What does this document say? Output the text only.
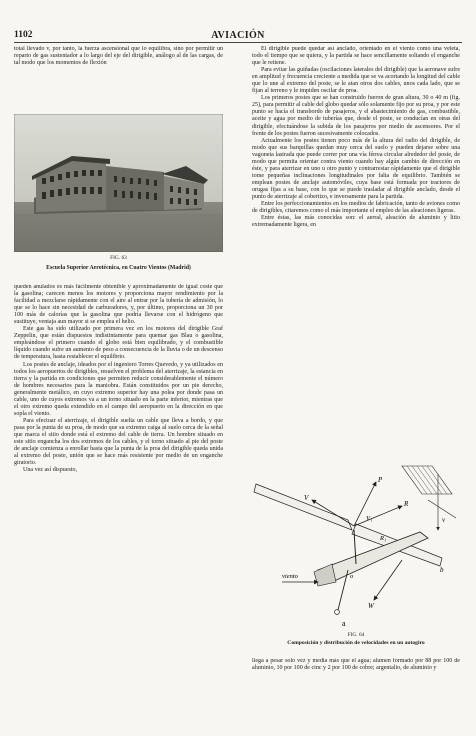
1102	AVIACIÓN

total llevado v, por tanto, la fuerza ascensional que lo equilibra, sino por permitir un reparto de gas sustentador a lo largo del eje del dirigible, análogo al de las cargas, de tal modo que los momentos de flexión

FIG. 63
Escuela Superior Aerotécnica, en Cuatro Vientos (Madrid)

queden anulados es más fácilmente obtenible y aproximadamente de igual coste que la gasolina; carecen menos los motores y proporciona mayor rendimiento por la facilidad a mezclarse rápidamente con el aire al entrar por la tubería de admisión, lo que se lo hace sin necesidad de carburadores, y, por último, proporciona un 30 por 100 más de calorías que la gasolina que podría llevarse con el hidrógeno que sustituye, ventaja aun mayor si se emplea el helio.

Este gas ha sido utilizado por primera vez en los motores del dirigible Graf Zeppelin, que están dispuestos indistintamente para quemar gas Blau o gasolina, empleándose el primero cuando el globo está bien equilibrado, y el combustible líquido cuando sufre un aumento de peso a consecuencia de la lluvia o de un descenso de temperatura, hasta restablecer el equilibrio.

Los postes de anclaje, ideados por el ingeniero Torres Quevedo, y ya utilizados en todos los aeropuertos de dirigibles, resuelven el problema del aterrizaje, la estancia en tierra y la partida en condiciones que permiten reducir considerablemente el número de hombres necesarios para la maniobra. Están constituidos por un pie derecho, generalmente metálico, en cuyo extremo superior hay una polea por donde pasa un cable, uno de cuyos extremos va a un torno situado en la parte inferior, mientras que el otro extremo queda extendido en el campo del aeropuerto en la dirección en que sopla el viento.

Para efectuar el aterrizaje, el dirigible suelta un cable que lleva a bordo, y que pasa por la punta de su proa, de modo que su extremo caiga al suelo cerca de la señal que marca el sitio donde está el extremo del cable de tierra. Un hombre situado en este sitio engancha los dos extremos de los cables, y el torno situado al pie del poste de anclaje comienza a enrollar hasta que la punta de la proa del dirigible queda unida al extremo del poste, unión que se hace más resistente por medio de un enganche giratorio.

Una vez así dispuesto,

El dirigible puede quedar así anclado, orientado en el viento como una veleta, todo el tiempo que se quiera, y la partida se hace sencillamente soltando el enganche que le retiene.

Para evitar las guiñadas (oscilaciones laterales del dirigible) que la aeronave sufre en amplitud y frecuencia creciente a medida que se va acortando la longitud del cable que lo une al extremo del poste, se le atan otros dos cables, unos cada lado, que se fijan al terreno y le impiden oscilar de proa.

Los primeros postes que se han construido fueron de gran altura, 30 o 40 m (fig. 25), para permitir al cable del globo quedar sólo solamente fijo por su proa, y por este punto se hacía el transbordo de pasajeros, y el abastecimiento de gas, combustible, aceite y agua por medio de tuberías que, desde el poste, se conducían en otras del dirigible, efectuándose la subida de los pasajeros por medio de ascensores. Por el frente de los postes fueron sucesivamente colocados.

Actualmente los postes tienen poco más de la altura del radio del dirigible, de modo que sus barquillas quedan muy cerca del suelo y pueden dejarse sobre una vagoneta lastrada que puede correr por una vía férrea circular alrededor del poste, de modo que permita orientar contra viento cuando hay algún cambio de dirección en éste, y para aterrizar en uno u otro punto y contrarrestar rápidamente que el dirigible tome pequeñas inclinaciones longitudinales por falta de equilibrio. También se emplean postes de anclaje automóviles, cuya base está formada por tractores de orugas fijas a su base, con lo que se puede trasladar al dirigible anclado, desde el punto de aterrizaje al cobertizo, e inversamente para la partida.

Entre los perfeccionamientos en los medios de fabricación, tanto de aviones como de dirigibles, citaremos como el más importante el empleo de las aleaciones ligeras.

Entre éstas, las más conocidas son: el aerral, aleación de aluminio y litio extremadamente ligera, en

P
R
V
V₁
R₁
W
o
v
viento
b
a
FIG. 64
Composición y distribución de velocidades en un autogiro

llega a pesar solo vez y media más que el agua; alumen formado por 88 por 100 de aluminio, 10 por 100 de cinc y 2 por 100 de cobre; argentalio, de aluminio y
